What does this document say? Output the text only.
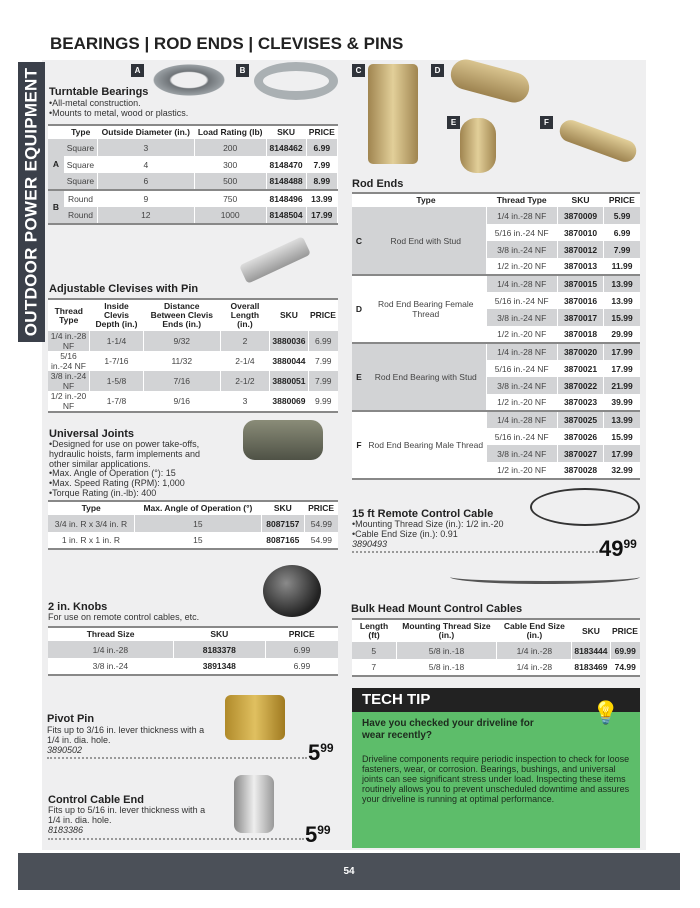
BEARINGS | ROD ENDS | CLEVISES & PINS
OUTDOOR POWER EQUIPMENT	A	B
Turntable Bearings
•All-metal construction.
•Mounts to metal, wood or plastics.
	Type	Outside Diameter (in.)	Load Rating (lb)	SKU	PRICE
A	Square	3	200	8148462	6.99
	Square	4	300	8148470	7.99
	Square	6	500	8148488	8.99
B	Round	9	750	8148496	13.99
	Round	12	1000	8148504	17.99
Adjustable Clevises with Pin
Thread Type	Inside Clevis Depth (in.)	Distance Between Clevis Ends (in.)	Overall Length (in.)	SKU	PRICE
1/4 in.-28 NF	1-1/4	9/32	2	3880036	6.99
5/16 in.-24 NF	1-7/16	11/32	2-1/4	3880044	7.99
3/8 in.-24 NF	1-5/8	7/16	2-1/2	3880051	7.99
1/2 in.-20 NF	1-7/8	9/16	3	3880069	9.99
Universal Joints
•Designed for use on power take-offs, hydraulic hoists, farm implements and other similar applications.
•Max. Angle of Operation (°): 15
•Max. Speed Rating (RPM): 1,000
•Torque Rating (in.-lb): 400
Type	Max. Angle of Operation (°)	SKU	PRICE
3/4 in. R x 3/4 in. R	15	8087157	54.99
1 in. R x 1 in. R	15	8087165	54.99
2 in. Knobs
For use on remote control cables, etc.
Thread Size	SKU	PRICE
1/4 in.-28	8183378	6.99
3/8 in.-24	3891348	6.99
Pivot Pin
Fits up to 3/16 in. lever thickness with a 1/4 in. dia. hole.
3890502	$5^{99}$
Control Cable End
Fits up to 5/16 in. lever thickness with a 1/4 in. dia. hole.
8183386	$5^{99}$
C	D
E	F
Rod Ends
	Type	Thread Type	SKU	PRICE
C	Rod End with Stud	1/4 in.-28 NF	3870009	5.99
		5/16 in.-24 NF	3870010	6.99
		3/8 in.-24 NF	3870012	7.99
		1/2 in.-20 NF	3870013	11.99
D	Rod End Bearing Female Thread	1/4 in.-28 NF	3870015	13.99
		5/16 in.-24 NF	3870016	13.99
		3/8 in.-24 NF	3870017	15.99
		1/2 in.-20 NF	3870018	29.99
E	Rod End Bearing with Stud	1/4 in.-28 NF	3870020	17.99
		5/16 in.-24 NF	3870021	17.99
		3/8 in.-24 NF	3870022	21.99
		1/2 in.-20 NF	3870023	39.99
F	Rod End Bearing Male Thread	1/4 in.-28 NF	3870025	13.99
		5/16 in.-24 NF	3870026	15.99
		3/8 in.-24 NF	3870027	17.99
		1/2 in.-20 NF	3870028	32.99
15 ft Remote Control Cable
•Mounting Thread Size (in.): 1/2 in.-20
•Cable End Size (in.): 0.91
3890493	$49^{99}$
Bulk Head Mount Control Cables
Length (ft)	Mounting Thread Size (in.)	Cable End Size (in.)	SKU	PRICE
5	5/8 in.-18	1/4 in.-28	8183444	69.99
7	5/8 in.-18	1/4 in.-28	8183469	74.99
TECH TIP
💡
Have you checked your driveline for wear recently?
Driveline components require periodic inspection to check for loose fasteners, wear, or corrosion. Bearings, bushings, and universal joints can see significant stress under load. Inspecting these items routinely allows you to prevent unscheduled downtime and assures your driveline is running at optimal performance.
54
